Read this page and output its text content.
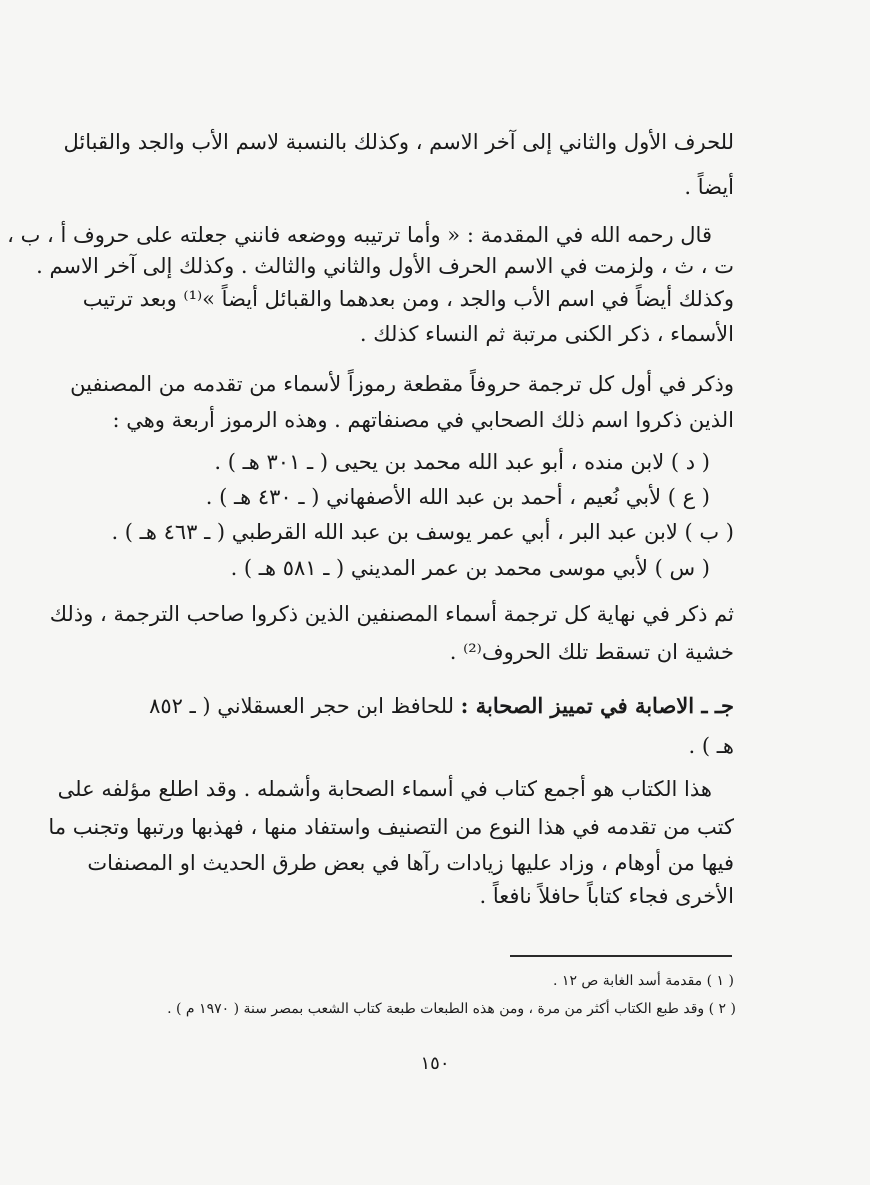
للحرف الأول والثاني إلى آخر الاسم ، وكذلك بالنسبة لاسم الأب والجد والقبائل
أيضاً .
قال رحمه الله في المقدمة : « وأما ترتيبه ووضعه فانني جعلته على حروف أ ، ب ،
ت ، ث ، ولزمت في الاسم الحرف الأول والثاني والثالث . وكذلك إلى آخر الاسم .
وكذلك أيضاً في اسم الأب والجد ، ومن بعدهما والقبائل أيضاً »⁽¹⁾ وبعد ترتيب
الأسماء ، ذكر الكنى مرتبة ثم النساء كذلك .
وذكر في أول كل ترجمة حروفاً مقطعة رموزاً لأسماء من تقدمه من المصنفين
الذين ذكروا اسم ذلك الصحابي في مصنفاتهم . وهذه الرموز أربعة وهي :
( د ) لابن منده ، أبو عبد الله محمد بن يحيى ( ـ ٣٠١ هـ ) .
( ع ) لأبي نُعيم ، أحمد بن عبد الله الأصفهاني ( ـ ٤٣٠ هـ ) .
( ب ) لابن عبد البر ، أبي عمر يوسف بن عبد الله القرطبي ( ـ ٤٦٣ هـ ) .
( س ) لأبي موسى محمد بن عمر المديني ( ـ ٥٨١ هـ ) .
ثم ذكر في نهاية كل ترجمة أسماء المصنفين الذين ذكروا صاحب الترجمة ، وذلك
خشية ان تسقط تلك الحروف⁽²⁾ .
جـ ـ الاصابة في تمييز الصحابة : للحافظ ابن حجر العسقلاني ( ـ ٨٥٢
هـ ) .
هذا الكتاب هو أجمع كتاب في أسماء الصحابة وأشمله . وقد اطلع مؤلفه على
كتب من تقدمه في هذا النوع من التصنيف واستفاد منها ، فهذبها ورتبها وتجنب ما
فيها من أوهام ، وزاد عليها زيادات رآها في بعض طرق الحديث او المصنفات
الأخرى فجاء كتاباً حافلاً نافعاً .
( ١ ) مقدمة أسد الغابة ص ١٢ .
( ٢ ) وقد طبع الكتاب أكثر من مرة ، ومن هذه الطبعات طبعة كتاب الشعب بمصر سنة ( ١٩٧٠ م ) .
١٥٠
